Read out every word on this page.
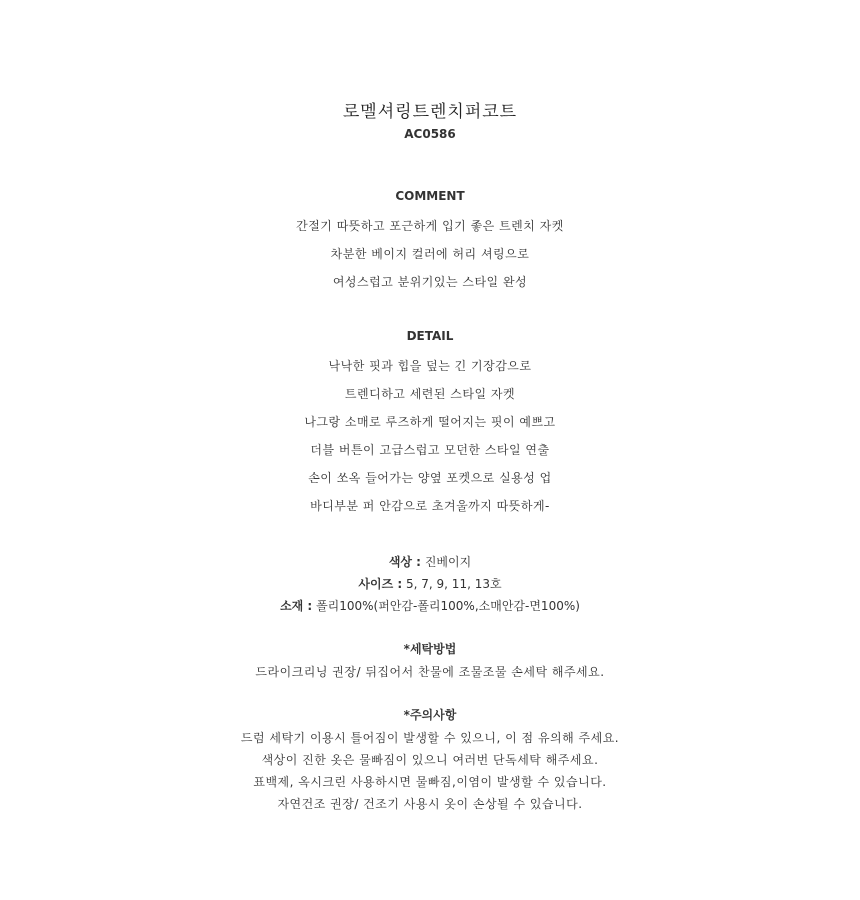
로멜셔링트렌치퍼코트
AC0586
COMMENT
간절기 따뜻하고 포근하게 입기 좋은 트렌치 자켓
차분한 베이지 컬러에 허리 셔링으로
여성스럽고 분위기있는 스타일 완성
DETAIL
낙낙한 핏과 힙을 덮는 긴 기장감으로
트렌디하고 세련된 스타일 자켓
나그랑 소매로 루즈하게 떨어지는 핏이 예쁘고
더블 버튼이 고급스럽고 모던한 스타일 연출
손이 쏘옥 들어가는 양옆 포켓으로 실용성 업
바디부분 퍼 안감으로 초겨울까지 따뜻하게-
색상 : 진베이지
사이즈 : 5, 7, 9, 11, 13호
소재 : 폴리100%(퍼안감-폴리100%,소매안감-면100%)
*세탁방법
드라이크리닝 권장/ 뒤집어서 찬물에 조물조물 손세탁 해주세요.
*주의사항
드럼 세탁기 이용시 틀어짐이 발생할 수 있으니, 이 점 유의해 주세요.
색상이 진한 옷은 물빠짐이 있으니 여러번 단독세탁 해주세요.
표백제, 옥시크린 사용하시면 물빠짐,이염이 발생할 수 있습니다.
자연건조 권장/ 건조기 사용시 옷이 손상될 수 있습니다.
